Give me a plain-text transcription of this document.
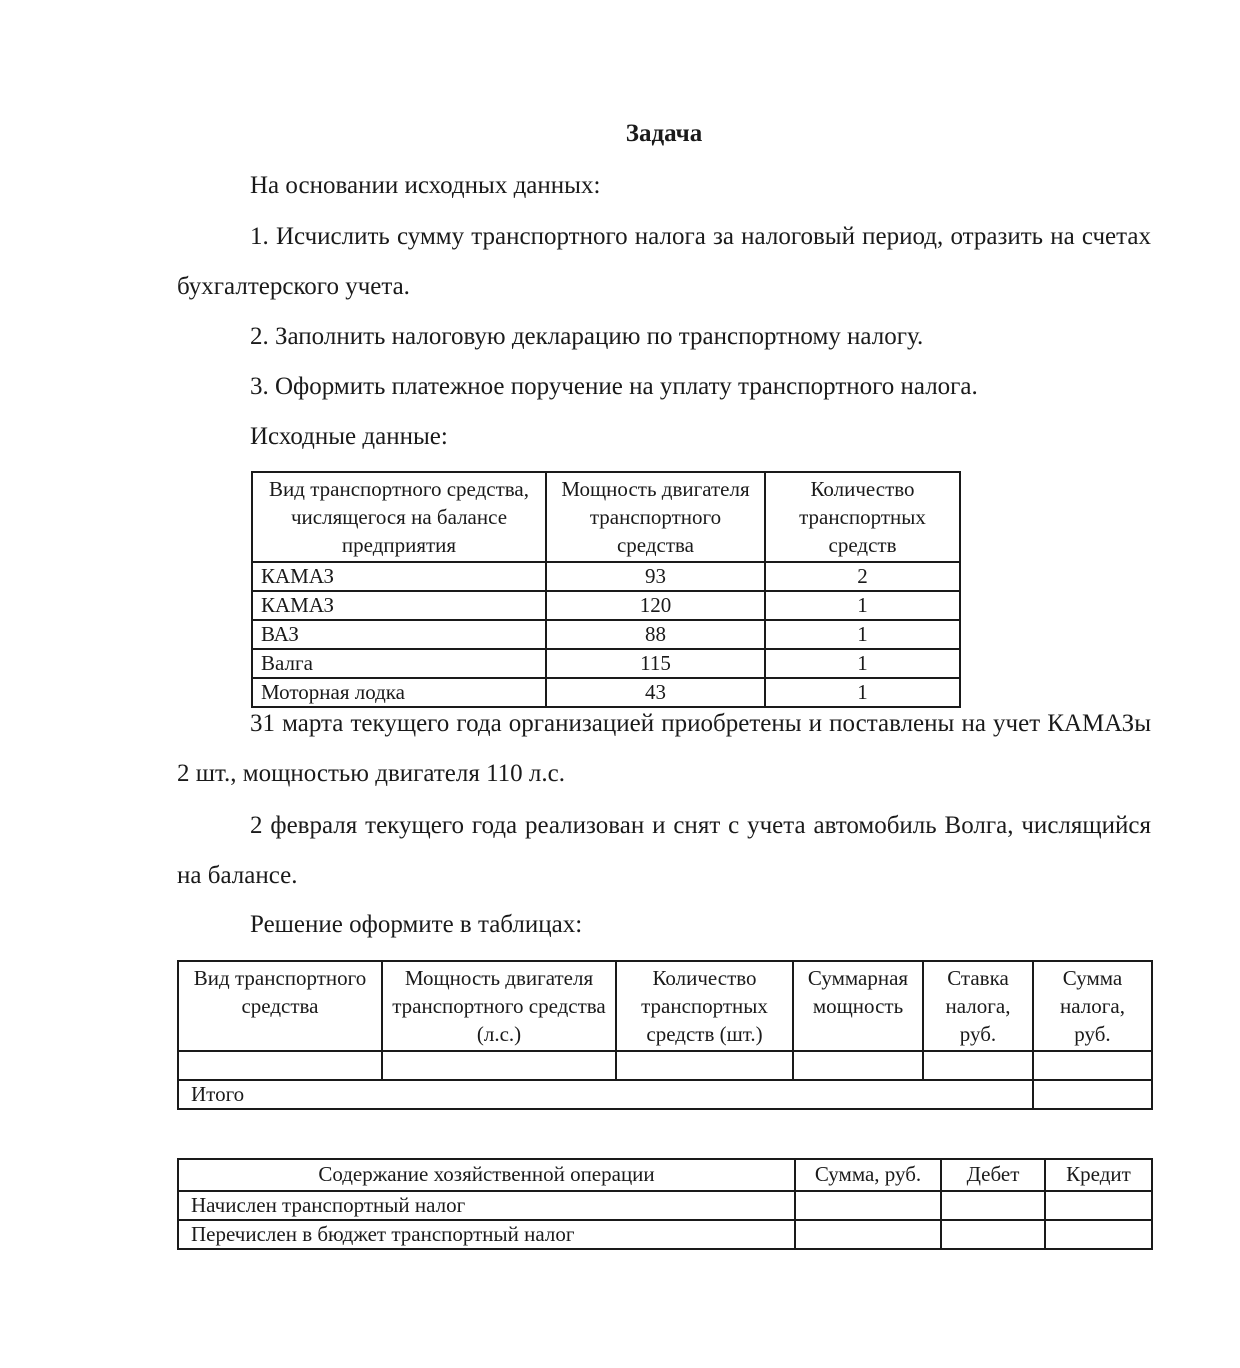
Задача
На основании исходных данных:
1. Исчислить сумму транспортного налога за налоговый период, отразить на счетах бухгалтерского учета.
2. Заполнить налоговую декларацию по транспортному налогу.
3. Оформить платежное поручение на уплату транспортного налога.
Исходные данные:
Вид транспортного средства, числящегося на балансе предприятия	Мощность двигателя транспортного средства	Количество транспортных средств
КАМАЗ	93	2
КАМАЗ	120	1
ВАЗ	88	1
Валга	115	1
Моторная лодка	43	1
31 марта текущего года организацией приобретены и поставлены на учет КАМАЗы 2 шт., мощностью двигателя 110 л.с.
2 февраля текущего года реализован и снят с учета автомобиль Волга, числящийся на балансе.
Решение оформите в таблицах:
Вид транспортного средства	Мощность двигателя транспортного средства (л.с.)	Количество транспортных средств (шт.)	Суммарная мощность	Ставка налога, руб.	Сумма налога, руб.

Итого					
Содержание хозяйственной операции	Сумма, руб.	Дебет	Кредит
Начислен транспортный налог			
Перечислен в бюджет транспортный налог			
